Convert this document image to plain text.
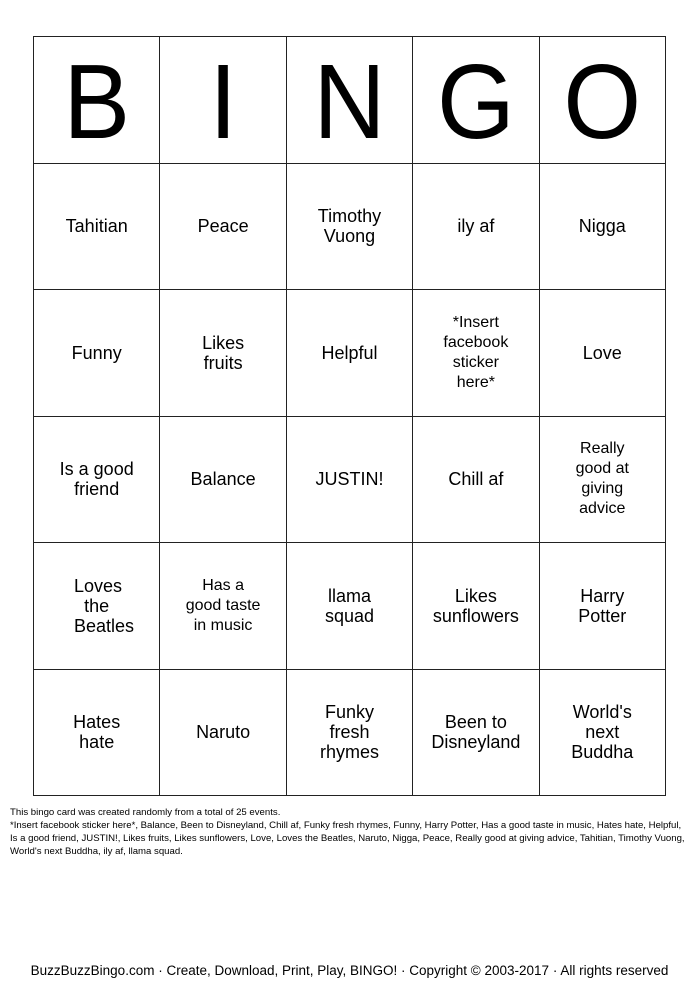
B	I	N	G	O
Tahitian	Peace	Timothy Vuong	ily af	Nigga
Funny	Likes fruits	Helpful	*Insert facebook sticker here*	Love
Is a good friend	Balance	JUSTIN!	Chill af	Really good at giving advice
Loves the Beatles	Has a good taste in music	llama squad	Likes sunflowers	Harry Potter
Hates hate	Naruto	Funky fresh rhymes	Been to Disneyland	World's next Buddha

This bingo card was created randomly from a total of 25 events.

*Insert facebook sticker here*, Balance, Been to Disneyland, Chill af, Funky fresh rhymes, Funny, Harry Potter, Has a good taste in music, Hates hate, Helpful, Is a good friend, JUSTIN!, Likes fruits, Likes sunflowers, Love, Loves the Beatles, Naruto, Nigga, Peace, Really good at giving advice, Tahitian, Timothy Vuong, World's next Buddha, ily af, llama squad.

BuzzBuzzBingo.com · Create, Download, Print, Play, BINGO! · Copyright © 2003-2017 · All rights reserved
